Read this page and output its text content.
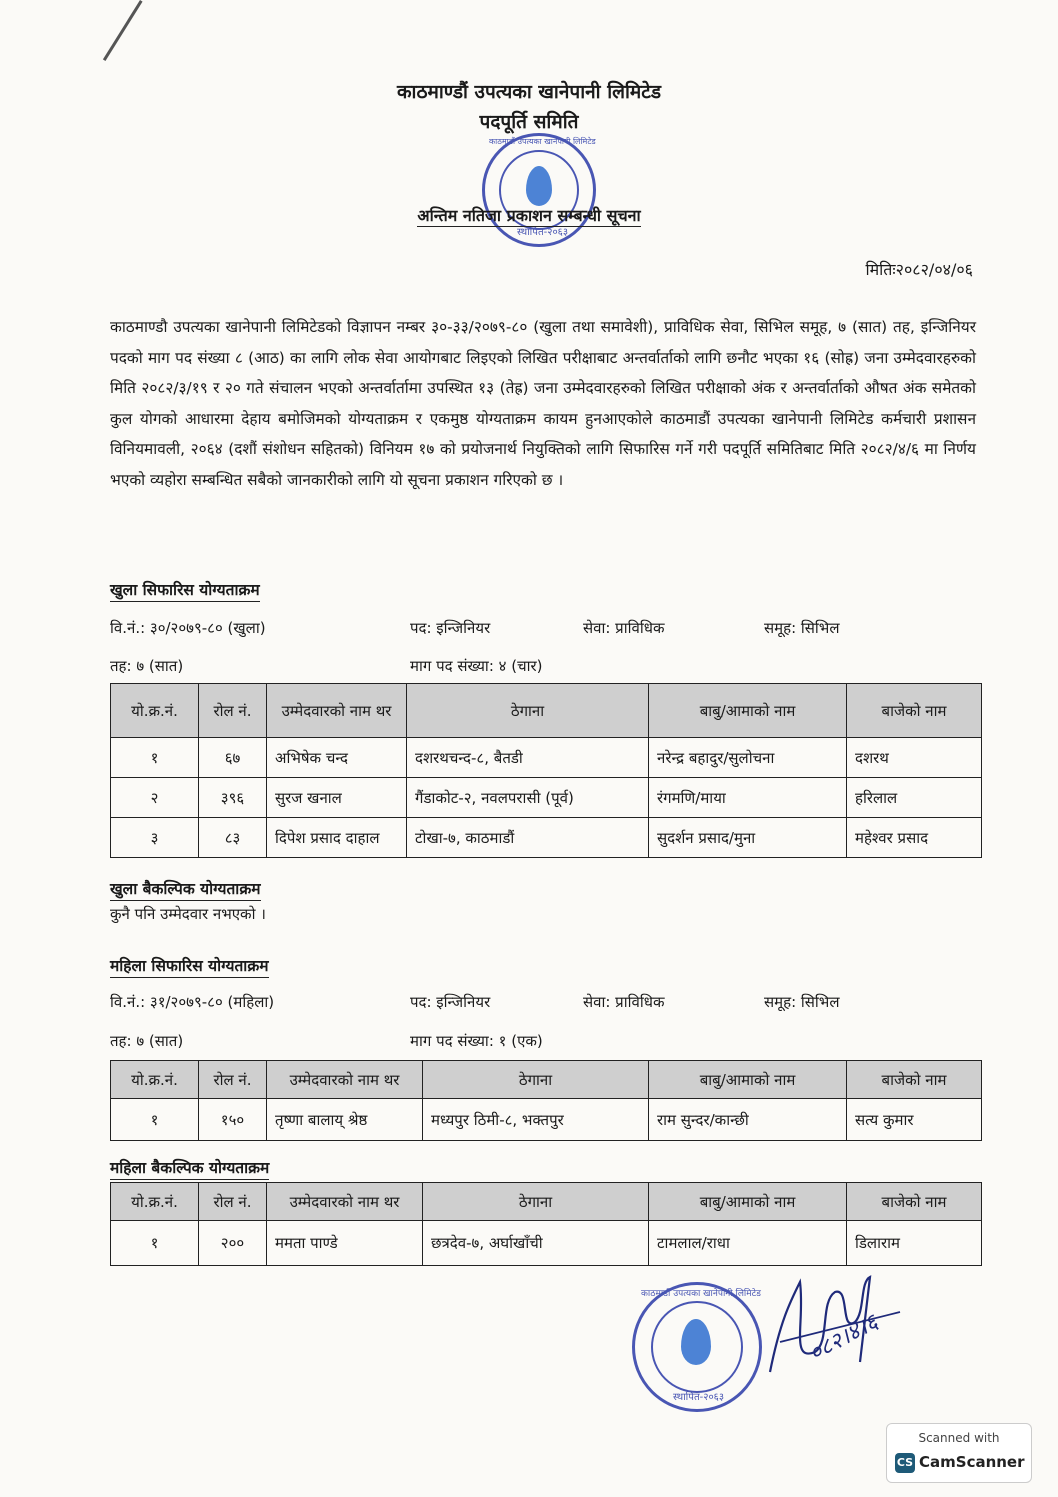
काठमाण्डौं उपत्यका खानेपानी लिमिटेड
पदपूर्ति समिति
काठमाडौं उपत्यका खानेपानी लिमिटेड
स्थापित-२०६३
अन्तिम नतिजा प्रकाशन सम्बन्धी सूचना
मितिः२०८२/०४/०६
काठमाण्डौ उपत्यका खानेपानी लिमिटेडको विज्ञापन नम्बर ३०-३३/२०७९-८० (खुला तथा समावेशी), प्राविधिक सेवा, सिभिल समूह, ७ (सात) तह, इन्जिनियर पदको माग पद संख्या ८ (आठ) का लागि लोक सेवा आयोगबाट लिइएको लिखित परीक्षाबाट अन्तर्वार्ताको लागि छनौट भएका १६ (सोह्र) जना उम्मेदवारहरुको मिति २०८२/३/१९ र २० गते संचालन भएको अन्तर्वार्तामा उपस्थित १३ (तेह्र) जना उम्मेदवारहरुको लिखित परीक्षाको अंक र अन्तर्वार्ताको औषत अंक समेतको कुल योगको आधारमा देहाय बमोजिमको योग्यताक्रम र एकमुष्ठ योग्यताक्रम कायम हुनआएकोले काठमाडौं उपत्यका खानेपानी लिमिटेड कर्मचारी प्रशासन विनियमावली, २०६४ (दशौं संशोधन सहितको) विनियम १७ को प्रयोजनार्थ नियुक्तिको लागि सिफारिस गर्ने गरी पदपूर्ति समितिबाट मिति २०८२/४/६ मा निर्णय भएको व्यहोरा सम्बन्धित सबैको जानकारीको लागि यो सूचना प्रकाशन गरिएको छ ।
खुला सिफारिस योग्यताक्रम
वि.नं.: ३०/२०७९-८० (खुला)	पद: इन्जिनियर	सेवा: प्राविधिक	समूह: सिभिल
तह: ७ (सात)	माग पद संख्या: ४ (चार)
यो.क्र.नं.	रोल नं.	उम्मेदवारको नाम थर	ठेगाना	बाबु/आमाको नाम	बाजेको नाम
१	६७	अभिषेक चन्द	दशरथचन्द-८, बैतडी	नरेन्द्र बहादुर/सुलोचना	दशरथ
२	३९६	सुरज खनाल	गैंडाकोट-२, नवलपरासी (पूर्व)	रंगमणि/माया	हरिलाल
३	८३	दिपेश प्रसाद दाहाल	टोखा-७, काठमाडौं	सुदर्शन प्रसाद/मुना	महेश्वर प्रसाद
खुला बैकल्पिक योग्यताक्रम
कुनै पनि उम्मेदवार नभएको ।
महिला सिफारिस योग्यताक्रम
वि.नं.: ३१/२०७९-८० (महिला)	पद: इन्जिनियर	सेवा: प्राविधिक	समूह: सिभिल
तह: ७ (सात)	माग पद संख्या: १ (एक)
यो.क्र.नं.	रोल नं.	उम्मेदवारको नाम थर	ठेगाना	बाबु/आमाको नाम	बाजेको नाम
१	१५०	तृष्णा बालाय् श्रेष्ठ	मध्यपुर ठिमी-८, भक्तपुर	राम सुन्दर/कान्छी	सत्य कुमार
महिला बैकल्पिक योग्यताक्रम
यो.क्र.नं.	रोल नं.	उम्मेदवारको नाम थर	ठेगाना	बाबु/आमाको नाम	बाजेको नाम
१	२००	ममता पाण्डे	छत्रदेव-७, अर्घाखाँची	टामलाल/राधा	डिलाराम
काठमाडौं उपत्यका खानेपानी लिमिटेड
स्थापित-२०६३
०८२।४।६
Scanned with
CS CamScanner
